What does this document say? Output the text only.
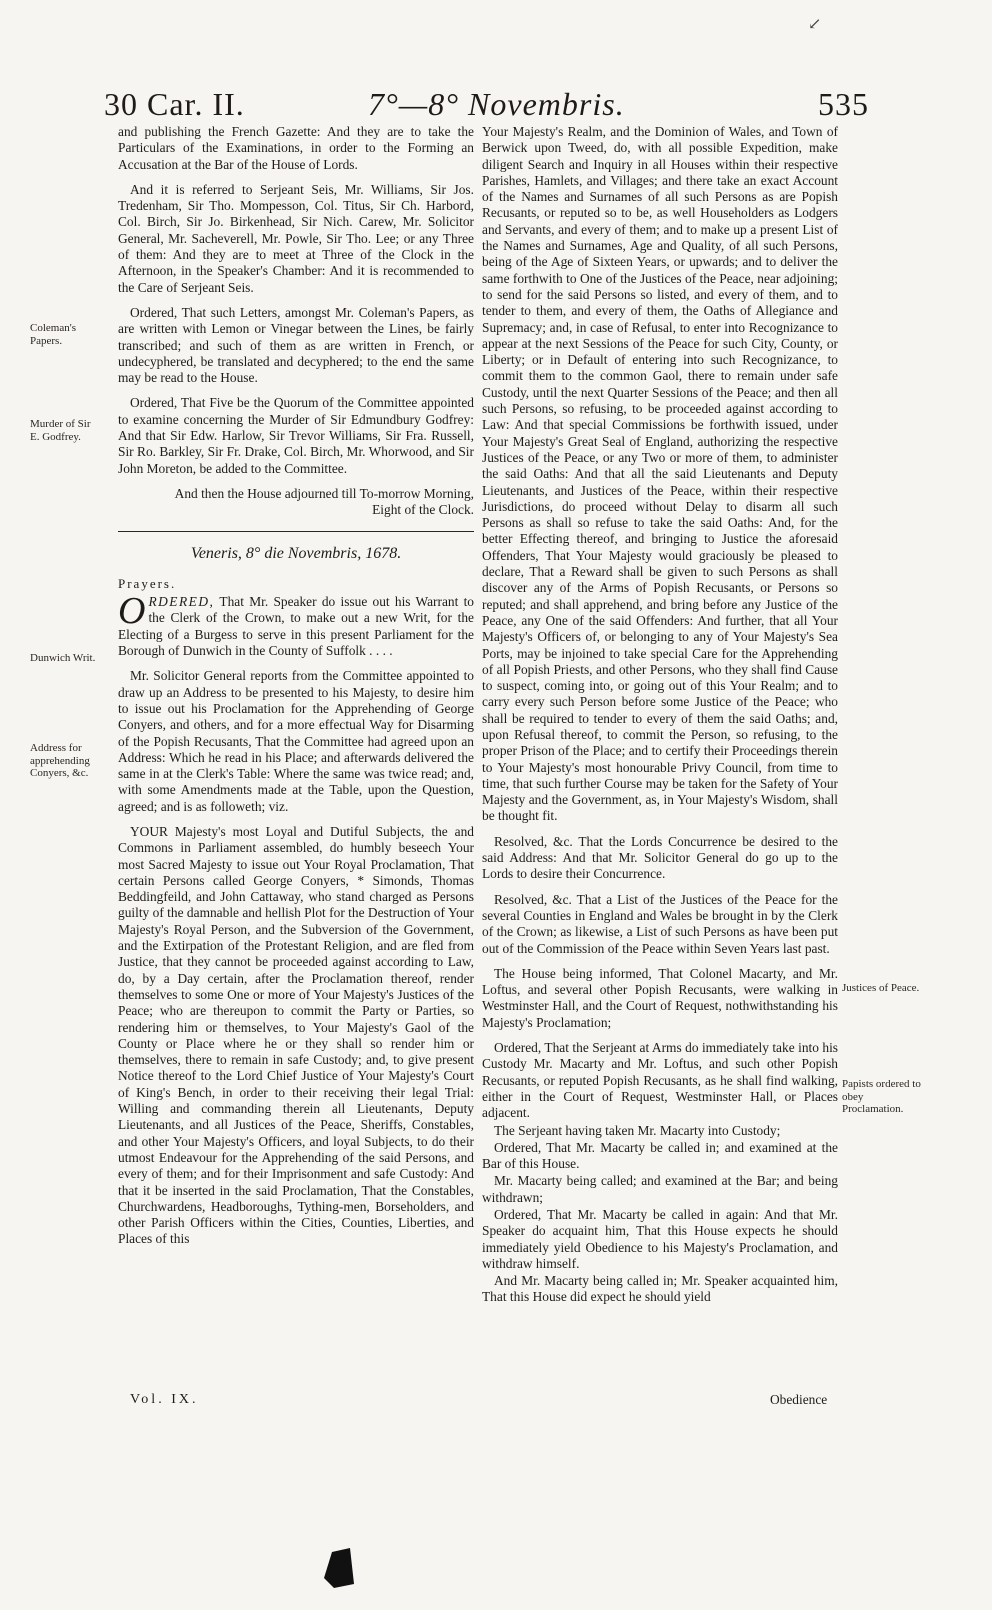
30 Car. II.	7°—8° Novembris.	535
↙

and publishing the French Gazette: And they are to take the Particulars of the Examinations, in order to the Forming an Accusation at the Bar of the House of Lords.

And it is referred to Serjeant Seis, Mr. Williams, Sir Jos. Tredenham, Sir Tho. Mompesson, Col. Titus, Sir Ch. Harbord, Col. Birch, Sir Jo. Birkenhead, Sir Nich. Carew, Mr. Solicitor General, Mr. Sacheverell, Mr. Powle, Sir Tho. Lee; or any Three of them: And they are to meet at Three of the Clock in the Afternoon, in the Speaker's Chamber: And it is recommended to the Care of Serjeant Seis.

Ordered, That such Letters, amongst Mr. Coleman's Papers, as are written with Lemon or Vinegar between the Lines, be fairly transcribed; and such of them as are written in French, or undecyphered, be translated and decyphered; to the end the same may be read to the House.

Ordered, That Five be the Quorum of the Committee appointed to examine concerning the Murder of Sir Edmundbury Godfrey: And that Sir Edw. Harlow, Sir Trevor Williams, Sir Fra. Russell, Sir Ro. Barkley, Sir Fr. Drake, Col. Birch, Mr. Whorwood, and Sir John Moreton, be added to the Committee.

And then the House adjourned till To-morrow Morning, Eight of the Clock.

Veneris, 8° die Novembris, 1678.
Prayers.

ORDERED, That Mr. Speaker do issue out his Warrant to the Clerk of the Crown, to make out a new Writ, for the Electing of a Burgess to serve in this present Parliament for the Borough of Dunwich in the County of Suffolk . . . .

Mr. Solicitor General reports from the Committee appointed to draw up an Address to be presented to his Majesty, to desire him to issue out his Proclamation for the Apprehending of George Conyers, and others, and for a more effectual Way for Disarming of the Popish Recusants, That the Committee had agreed upon an Address: Which he read in his Place; and afterwards delivered the same in at the Clerk's Table: Where the same was twice read; and, with some Amendments made at the Table, upon the Question, agreed; and is as followeth; viz.

YOUR Majesty's most Loyal and Dutiful Subjects, the and Commons in Parliament assembled, do humbly beseech Your most Sacred Majesty to issue out Your Royal Proclamation, That certain Persons called George Conyers, * Simonds, Thomas Beddingfeild, and John Cattaway, who stand charged as Persons guilty of the damnable and hellish Plot for the Destruction of Your Majesty's Royal Person, and the Subversion of the Government, and the Extirpation of the Protestant Religion, and are fled from Justice, that they cannot be proceeded against according to Law, do, by a Day certain, after the Proclamation thereof, render themselves to some One or more of Your Majesty's Justices of the Peace; who are thereupon to commit the Party or Parties, so rendering him or themselves, to Your Majesty's Gaol of the County or Place where he or they shall so render him or themselves, there to remain in safe Custody; and, to give present Notice thereof to the Lord Chief Justice of Your Majesty's Court of King's Bench, in order to their receiving their legal Trial: Willing and commanding therein all Lieutenants, Deputy Lieutenants, and all Justices of the Peace, Sheriffs, Constables, and other Your Majesty's Officers, and loyal Subjects, to do their utmost Endeavour for the Apprehending of the said Persons, and every of them; and for their Imprisonment and safe Custody: And that it be inserted in the said Proclamation, That the Constables, Churchwardens, Headboroughs, Tything-men, Borseholders, and other Parish Officers within the Cities, Counties, Liberties, and Places of this

Your Majesty's Realm, and the Dominion of Wales, and Town of Berwick upon Tweed, do, with all possible Expedition, make diligent Search and Inquiry in all Houses within their respective Parishes, Hamlets, and Villages; and there take an exact Account of the Names and Surnames of all such Persons as are Popish Recusants, or reputed so to be, as well Householders as Lodgers and Servants, and every of them; and to make up a present List of the Names and Surnames, Age and Quality, of all such Persons, being of the Age of Sixteen Years, or upwards; and to deliver the same forthwith to One of the Justices of the Peace, near adjoining; to send for the said Persons so listed, and every of them, and to tender to them, and every of them, the Oaths of Allegiance and Supremacy; and, in case of Refusal, to enter into Recognizance to appear at the next Sessions of the Peace for such City, County, or Liberty; or in Default of entering into such Recognizance, to commit them to the common Gaol, there to remain under safe Custody, until the next Quarter Sessions of the Peace; and then all such Persons, so refusing, to be proceeded against according to Law: And that special Commissions be forthwith issued, under Your Majesty's Great Seal of England, authorizing the respective Justices of the Peace, or any Two or more of them, to administer the said Oaths: And that all the said Lieutenants and Deputy Lieutenants, and Justices of the Peace, within their respective Jurisdictions, do proceed without Delay to disarm all such Persons as shall so refuse to take the said Oaths: And, for the better Effecting thereof, and bringing to Justice the aforesaid Offenders, That Your Majesty would graciously be pleased to declare, That a Reward shall be given to such Persons as shall discover any of the Arms of Popish Recusants, or Persons so reputed; and shall apprehend, and bring before any Justice of the Peace, any One of the said Offenders: And further, that all Your Majesty's Officers of, or belonging to any of Your Majesty's Sea Ports, may be injoined to take special Care for the Apprehending of all Popish Priests, and other Persons, who they shall find Cause to suspect, coming into, or going out of this Your Realm; and to carry every such Person before some Justice of the Peace; who shall be required to tender to every of them the said Oaths; and, upon Refusal thereof, to commit the Person, so refusing, to the proper Prison of the Place; and to certify their Proceedings therein to Your Majesty's most honourable Privy Council, from time to time, that such further Course may be taken for the Safety of Your Majesty and the Government, as, in Your Majesty's Wisdom, shall be thought fit.

Resolved, &c. That the Lords Concurrence be desired to the said Address: And that Mr. Solicitor General do go up to the Lords to desire their Concurrence.

Resolved, &c. That a List of the Justices of the Peace for the several Counties in England and Wales be brought in by the Clerk of the Crown; as likewise, a List of such Persons as have been put out of the Commission of the Peace within Seven Years last past.

The House being informed, That Colonel Macarty, and Mr. Loftus, and several other Popish Recusants, were walking in Westminster Hall, and the Court of Request, nothwithstanding his Majesty's Proclamation;

Ordered, That the Serjeant at Arms do immediately take into his Custody Mr. Macarty and Mr. Loftus, and such other Popish Recusants, or reputed Popish Recusants, as he shall find walking, either in the Court of Request, Westminster Hall, or Places adjacent.

The Serjeant having taken Mr. Macarty into Custody;

Ordered, That Mr. Macarty be called in; and examined at the Bar of this House.

Mr. Macarty being called; and examined at the Bar; and being withdrawn;

Ordered, That Mr. Macarty be called in again: And that Mr. Speaker do acquaint him, That this House expects he should immediately yield Obedience to his Majesty's Proclamation, and withdraw himself.

And Mr. Macarty being called in; Mr. Speaker acquainted him, That this House did expect he should yield

Coleman's Papers.
Murder of Sir E. Godfrey.
Dunwich Writ.
Address for apprehending Conyers, &c.
Justices of Peace.
Papists ordered to obey Proclamation.
Vol. IX.	Obedience
